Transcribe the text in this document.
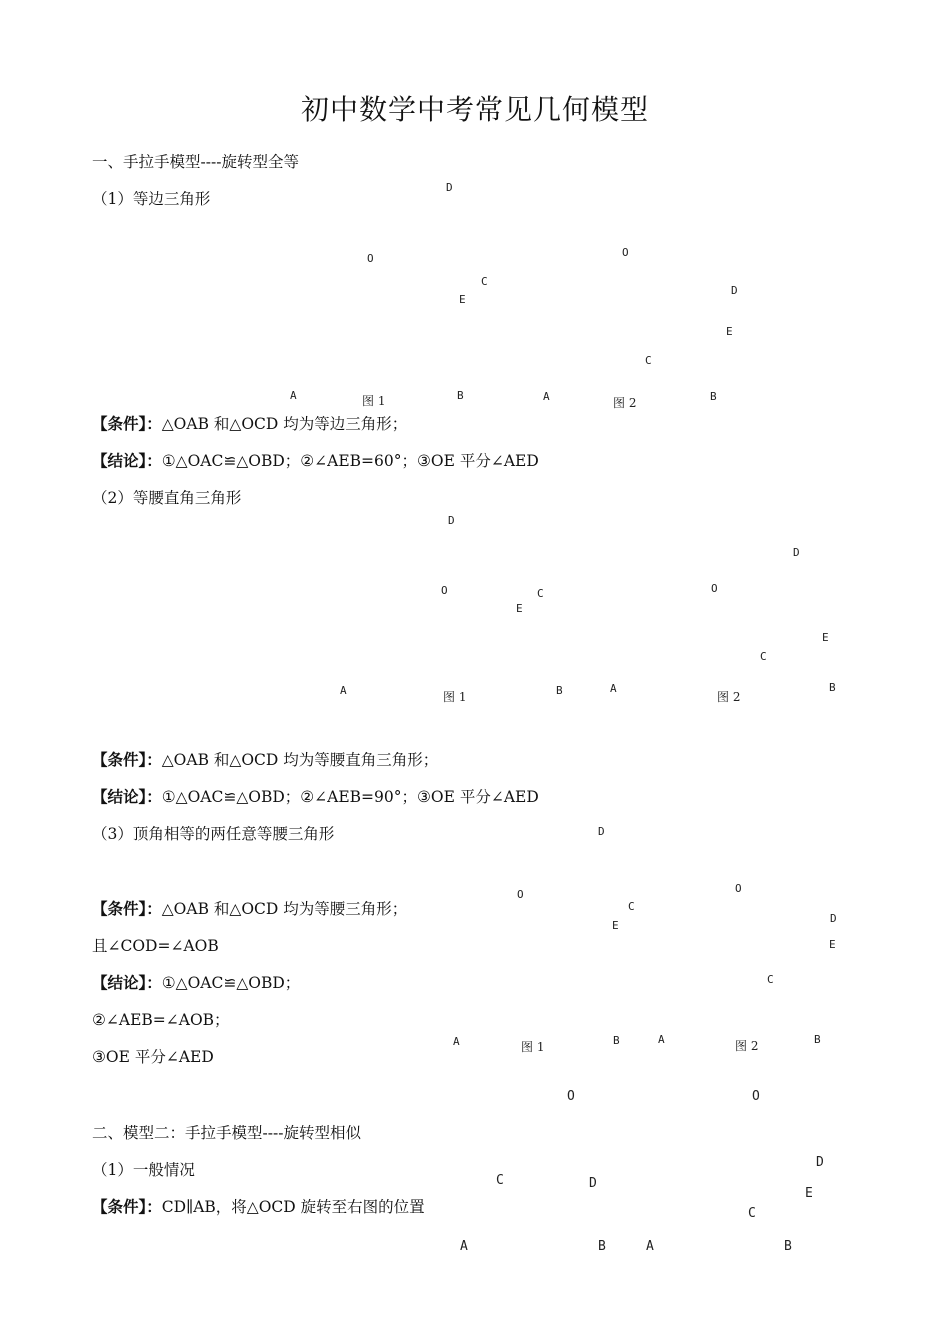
初中数学中考常见几何模型
一、手拉手模型----旋转型全等
（1）等边三角形
【条件】：△OAB 和△OCD 均为等边三角形；
【结论】：①△OAC≌△OBD；②∠AEB=60°；③OE 平分∠AED
（2）等腰直角三角形
【条件】：△OAB 和△OCD 均为等腰直角三角形；
【结论】：①△OAC≌△OBD；②∠AEB=90°；③OE 平分∠AED
（3）顶角相等的两任意等腰三角形
【条件】：△OAB 和△OCD 均为等腰三角形；
且∠COD=∠AOB
【结论】：①△OAC≌△OBD；
②∠AEB=∠AOB；
③OE 平分∠AED
二、模型二：手拉手模型----旋转型相似
（1）一般情况
【条件】：CD∥AB，将△OCD 旋转至右图的位置
D
O	O
C
E
D
E
C
A	B	A	B
D
D
O	C	O
E
E
C
A	B	A	B
D
O	O
C
E
D
E
C
A	B	A	B
O	O
D
C	D
E
C
A	B	A	B
图 1	图 2
图 1	图 2
图 1	图 2
